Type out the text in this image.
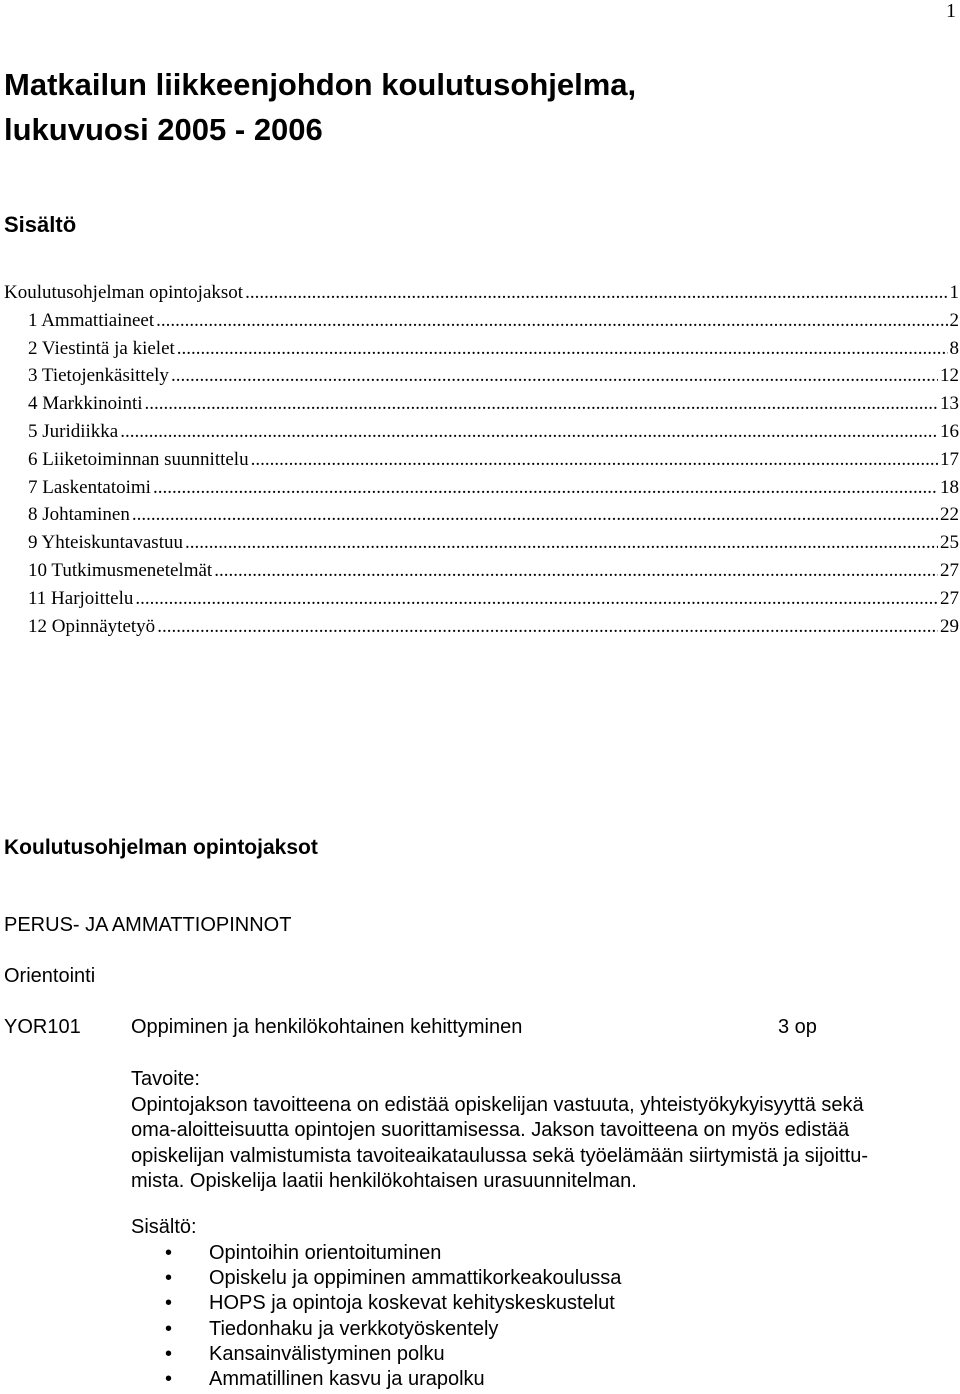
1
Matkailun liikkeenjohdon koulutusohjelma,
lukuvuosi 2005 - 2006
Sisältö
Koulutusohjelman opintojaksot .....	1
1 Ammattiaineet .....	2
2 Viestintä ja kielet .....	8
3 Tietojenkäsittely .....	12
4 Markkinointi .....	13
5 Juridiikka .....	16
6 Liiketoiminnan suunnittelu .....	17
7 Laskentatoimi .....	18
8 Johtaminen .....	22
9 Yhteiskuntavastuu .....	25
10 Tutkimusmenetelmät .....	27
11 Harjoittelu .....	27
12 Opinnäytetyö .....	29
Koulutusohjelman opintojaksot
PERUS- JA AMMATTIOPINNOT
Orientointi
YOR101	Oppiminen ja henkilökohtainen kehittyminen	3 op
Tavoite:
Opintojakson tavoitteena on edistää opiskelijan vastuuta, yhteistyökykyisyyttä sekä
oma-aloitteisuutta opintojen suorittamisessa. Jakson tavoitteena on myös edistää
opiskelijan valmistumista tavoiteaikataulussa sekä työelämään siirtymistä ja sijoittu-
mista. Opiskelija laatii henkilökohtaisen urasuunnitelman.
Sisältö:
• Opintoihin orientoituminen
• Opiskelu ja oppiminen ammattikorkeakoulussa
• HOPS ja opintoja koskevat kehityskeskustelut
• Tiedonhaku ja verkkotyöskentely
• Kansainvälistyminen polku
• Ammatillinen kasvu ja urapolku
